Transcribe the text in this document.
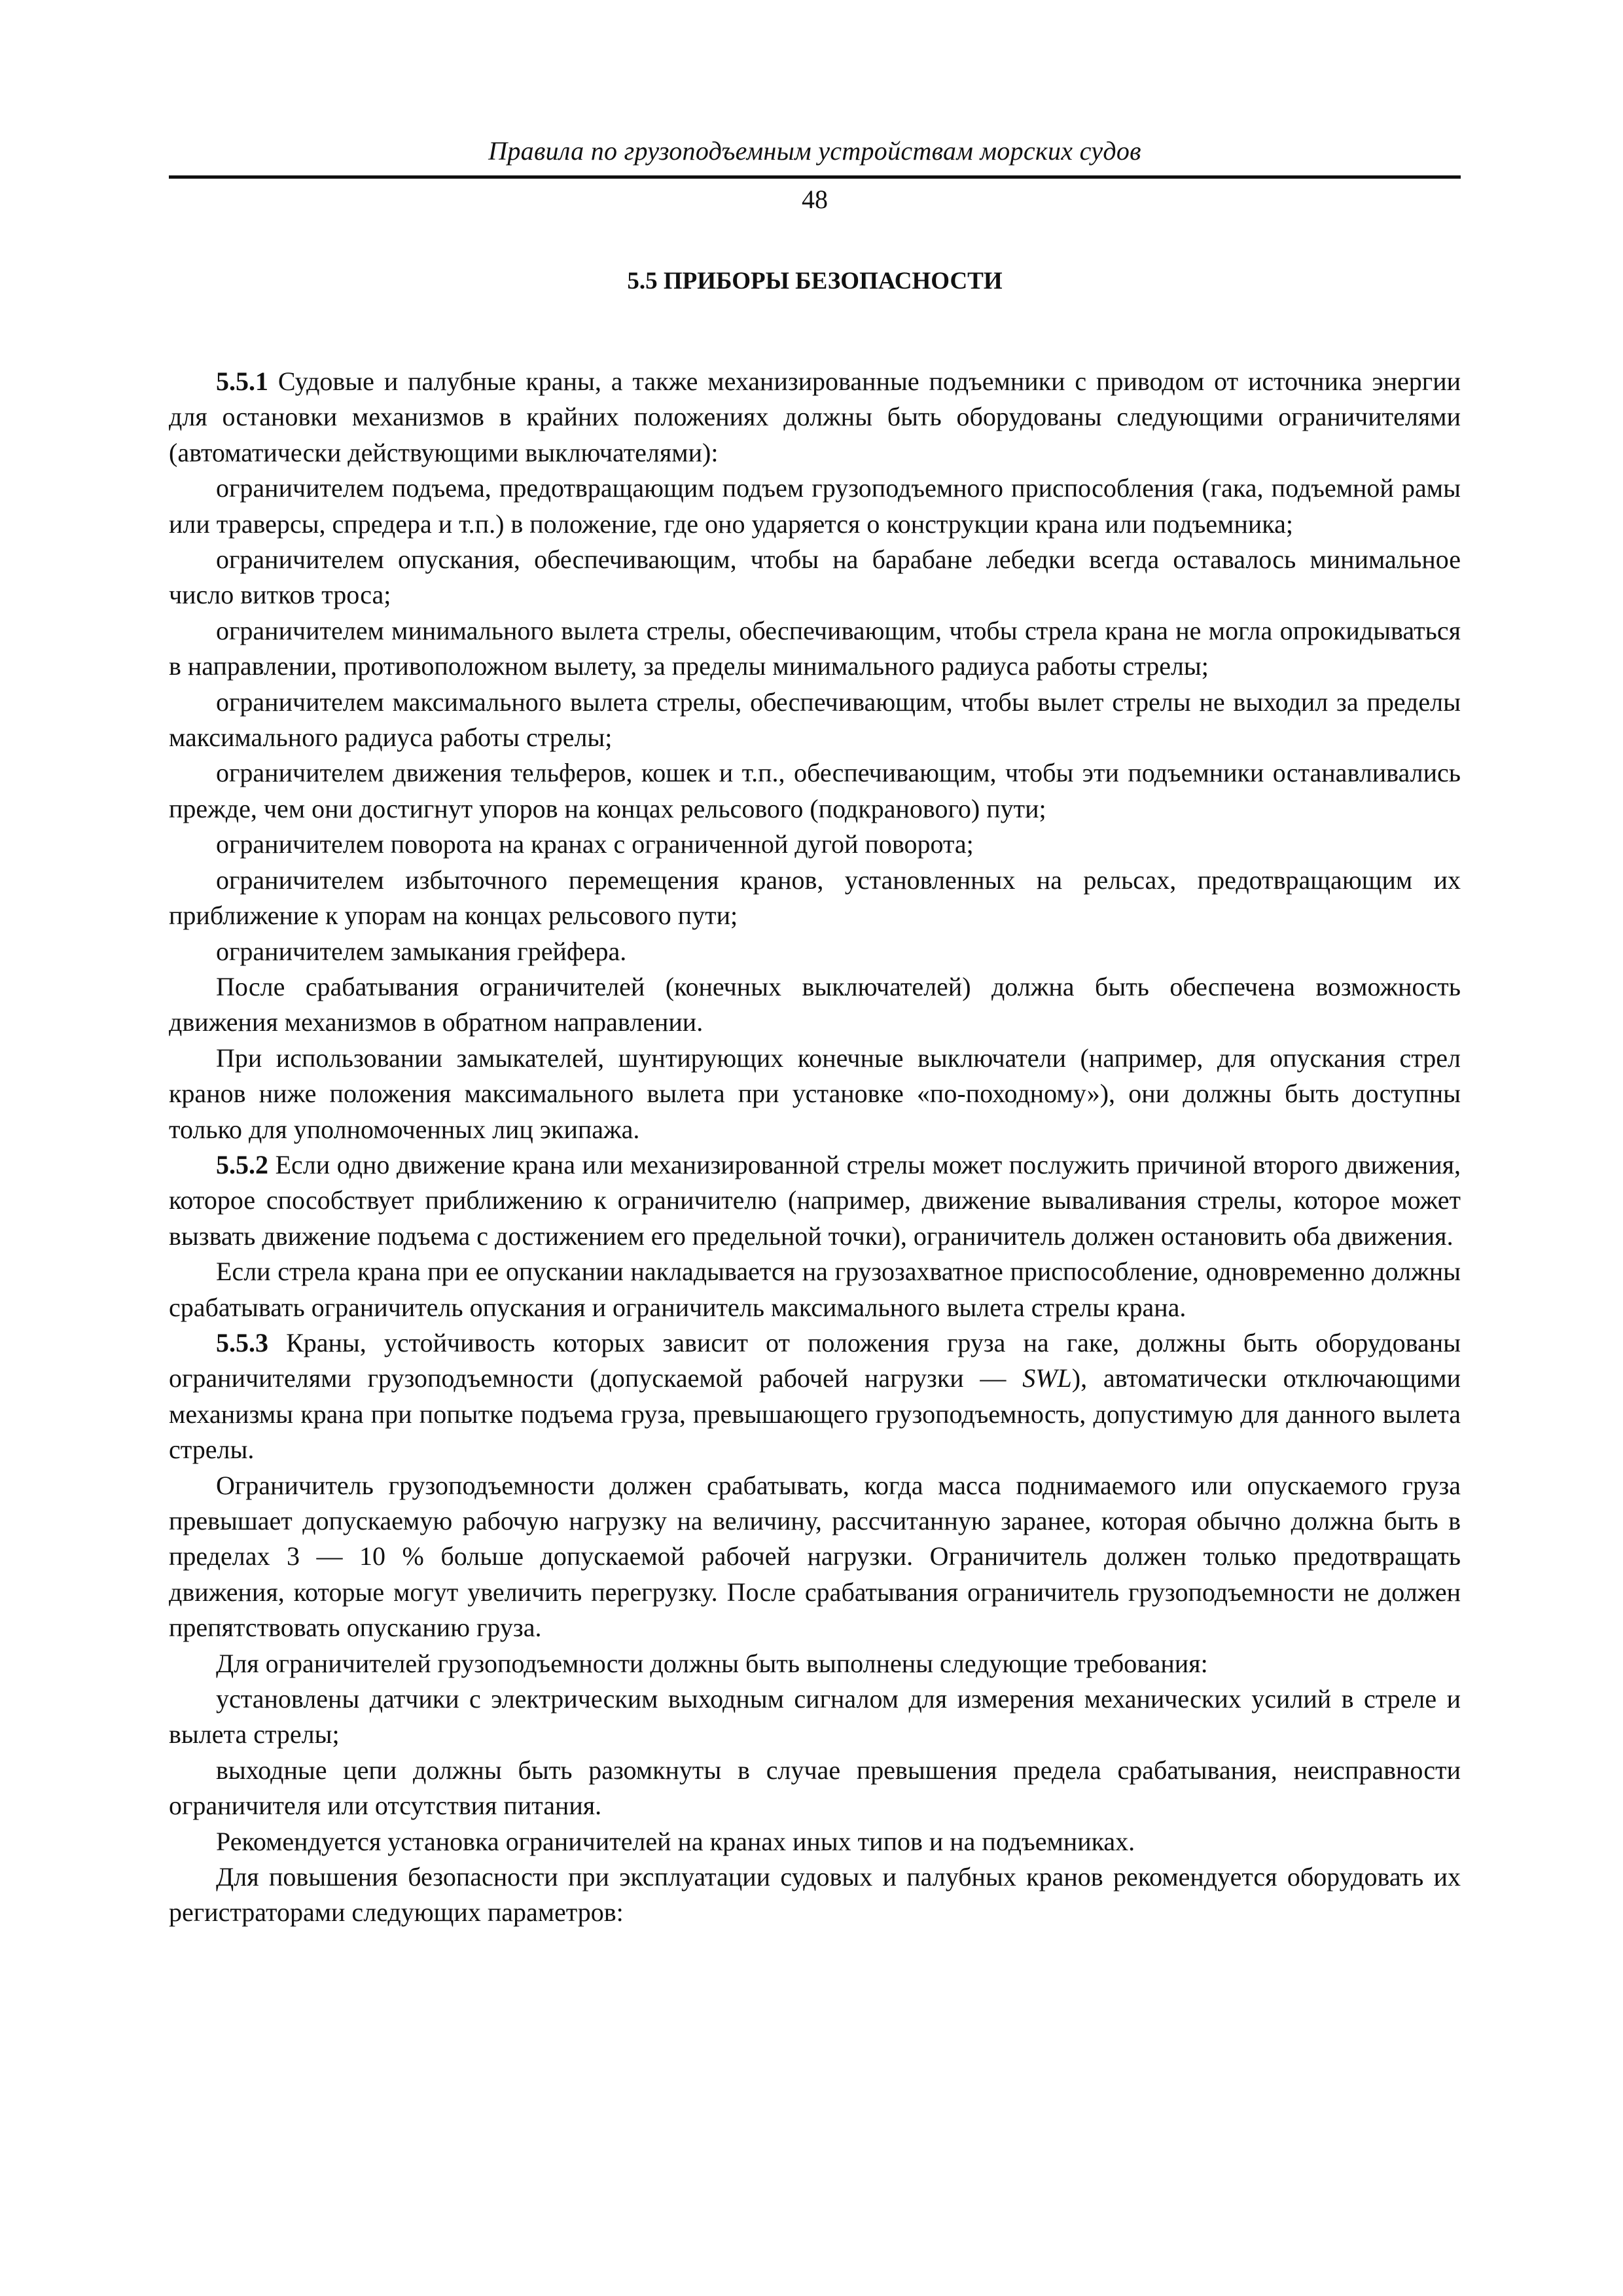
Правила по грузоподъемным устройствам морских судов
48
5.5 ПРИБОРЫ БЕЗОПАСНОСТИ

5.5.1 Судовые и палубные краны, а также механизированные подъемники с приводом от источника энергии для остановки механизмов в крайних положениях должны быть оборудованы следующими ограничителями (автоматически действующими выключателями):

ограничителем подъема, предотвращающим подъем грузоподъемного приспособления (гака, подъемной рамы или траверсы, спредера и т.п.) в положение, где оно ударяется о конструкции крана или подъемника;

ограничителем опускания, обеспечивающим, чтобы на барабане лебедки всегда оставалось минимальное число витков троса;

ограничителем минимального вылета стрелы, обеспечивающим, чтобы стрела крана не могла опрокидываться в направлении, противоположном вылету, за пределы минимального радиуса работы стрелы;

ограничителем максимального вылета стрелы, обеспечивающим, чтобы вылет стрелы не выходил за пределы максимального радиуса работы стрелы;

ограничителем движения тельферов, кошек и т.п., обеспечивающим, чтобы эти подъемники останавливались прежде, чем они достигнут упоров на концах рельсового (подкранового) пути;

ограничителем поворота на кранах с ограниченной дугой поворота;

ограничителем избыточного перемещения кранов, установленных на рельсах, предотвращающим их приближение к упорам на концах рельсового пути;

ограничителем замыкания грейфера.

После срабатывания ограничителей (конечных выключателей) должна быть обеспечена возможность движения механизмов в обратном направлении.

При использовании замыкателей, шунтирующих конечные выключатели (например, для опускания стрел кранов ниже положения максимального вылета при установке «по-походному»), они должны быть доступны только для уполномоченных лиц экипажа.

5.5.2Если одно движение крана или механизированной стрелы может послужить причиной второго движения, которое способствует приближению к ограничителю (например, движение вываливания стрелы, которое может вызвать движение подъема с достижением его предельной точки), ограничитель должен остановить оба движения.

Если стрела крана при ее опускании накладывается на грузозахватное приспособление, одновременно должны срабатывать ограничитель опускания и ограничитель максимального вылета стрелы крана.

5.5.3 Краны, устойчивость которых зависит от положения груза на гаке, должны быть оборудованы ограничителями грузоподъемности (допускаемой рабочей нагрузки — SWL), автоматически отключающими механизмы крана при попытке подъема груза, превышающего грузоподъемность, допустимую для данного вылета стрелы.

Ограничитель грузоподъемности должен срабатывать, когда масса поднимаемого или опускаемого груза превышает допускаемую рабочую нагрузку на величину, рассчитанную заранее, которая обычно должна быть в пределах 3 — 10 % больше допускаемой рабочей нагрузки. Ограничитель должен только предотвращать движения, которые могут увеличить перегрузку. После срабатывания ограничитель грузоподъемности не должен препятствовать опусканию груза.

Для ограничителей грузоподъемности должны быть выполнены следующие требования:

установлены датчики с электрическим выходным сигналом для измерения механических усилий в стреле и вылета стрелы;

выходные цепи должны быть разомкнуты в случае превышения предела срабатывания, неисправности ограничителя или отсутствия питания.

Рекомендуется установка ограничителей на кранах иных типов и на подъемниках.

Для повышения безопасности при эксплуатации судовых и палубных кранов рекомендуется оборудовать их регистраторами следующих параметров:
